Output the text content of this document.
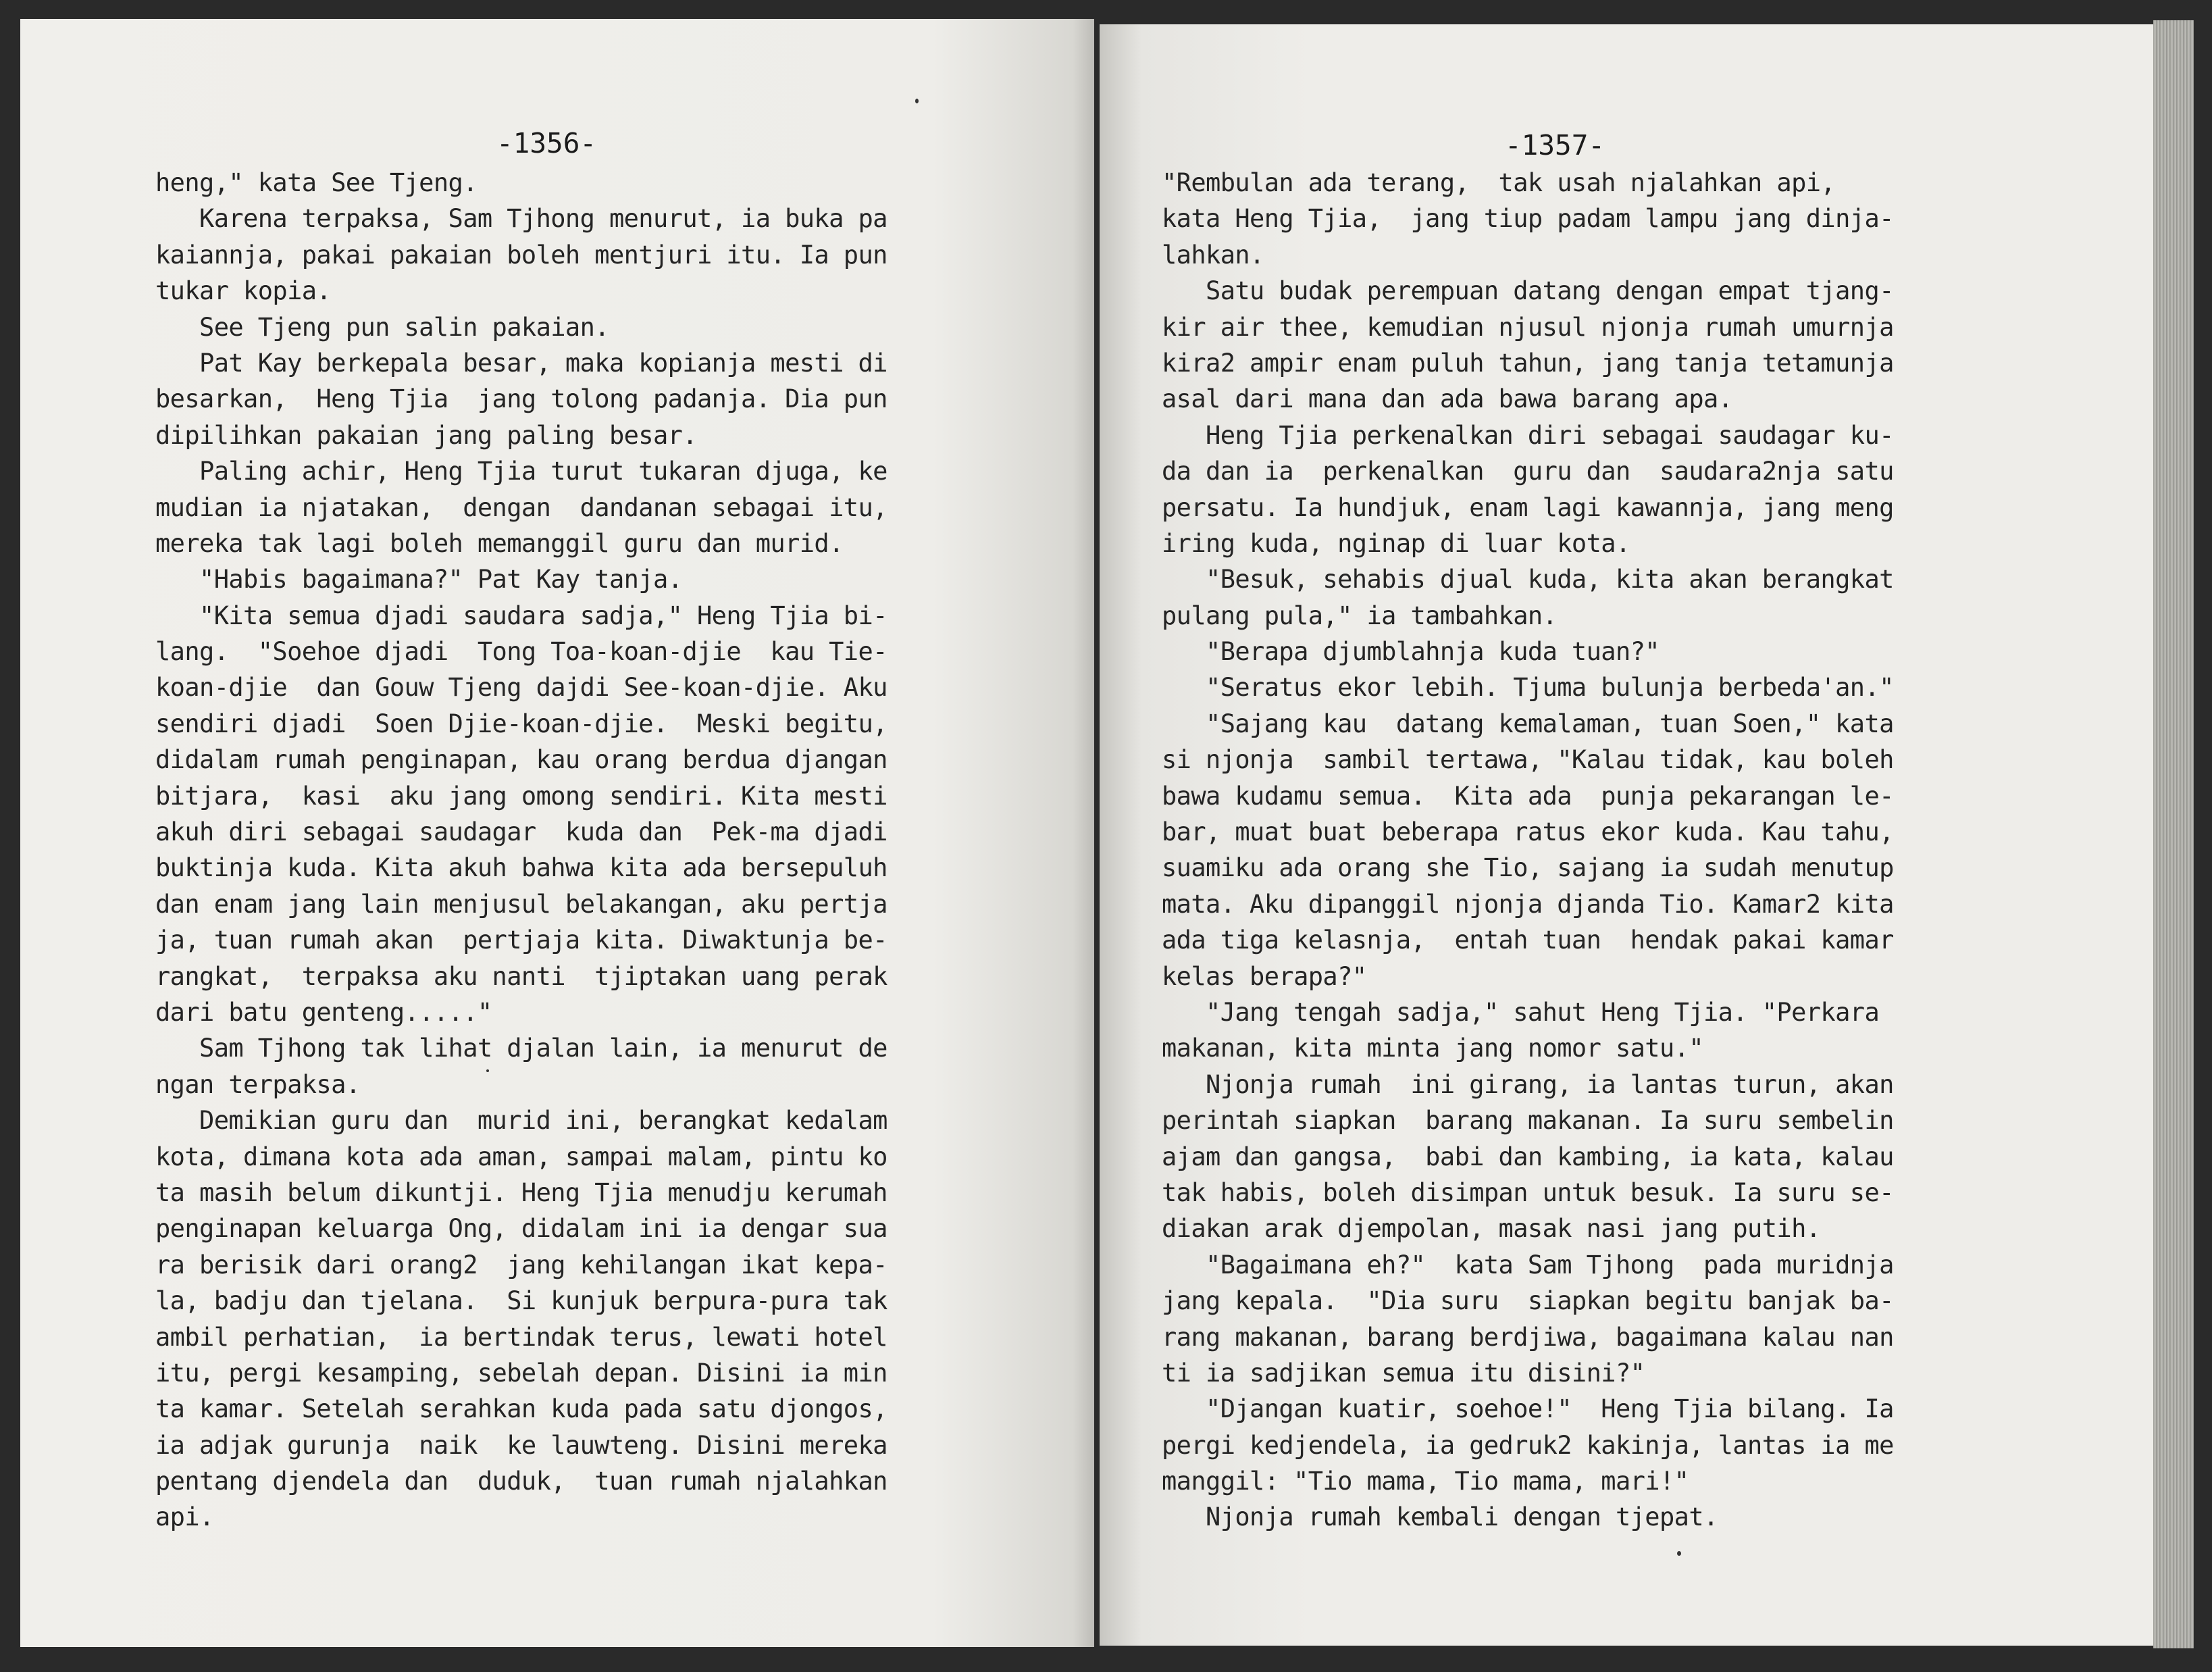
-1356-
heng," kata See Tjeng.
Karena terpaksa, Sam Tjhong menurut, ia buka pa
kaiannja, pakai pakaian boleh mentjuri itu. Ia pun
tukar kopia.
See Tjeng pun salin pakaian.
Pat Kay berkepala besar, maka kopianja mesti di
besarkan,  Heng Tjia  jang tolong padanja. Dia pun
dipilihkan pakaian jang paling besar.
Paling achir, Heng Tjia turut tukaran djuga, ke
mudian ia njatakan,  dengan  dandanan sebagai itu,
mereka tak lagi boleh memanggil guru dan murid.
"Habis bagaimana?" Pat Kay tanja.
"Kita semua djadi saudara sadja," Heng Tjia bi-
lang.  "Soehoe djadi  Tong Toa-koan-djie  kau Tie-
koan-djie  dan Gouw Tjeng dajdi See-koan-djie. Aku
sendiri djadi  Soen Djie-koan-djie.  Meski begitu,
didalam rumah penginapan, kau orang berdua djangan
bitjara,  kasi  aku jang omong sendiri. Kita mesti
akuh diri sebagai saudagar  kuda dan  Pek-ma djadi
buktinja kuda. Kita akuh bahwa kita ada bersepuluh
dan enam jang lain menjusul belakangan, aku pertja
ja, tuan rumah akan  pertjaja kita. Diwaktunja be-
rangkat,  terpaksa aku nanti  tjiptakan uang perak
dari batu genteng....."
Sam Tjhong tak lihat djalan lain, ia menurut de
ngan terpaksa.
Demikian guru dan  murid ini, berangkat kedalam
kota, dimana kota ada aman, sampai malam, pintu ko
ta masih belum dikuntji. Heng Tjia menudju kerumah
penginapan keluarga Ong, didalam ini ia dengar sua
ra berisik dari orang2  jang kehilangan ikat kepa-
la, badju dan tjelana.  Si kunjuk berpura-pura tak
ambil perhatian,  ia bertindak terus, lewati hotel
itu, pergi kesamping, sebelah depan. Disini ia min
ta kamar. Setelah serahkan kuda pada satu djongos,
ia adjak gurunja  naik  ke lauwteng. Disini mereka
pentang djendela dan  duduk,  tuan rumah njalahkan
api.
-1357-
"Rembulan ada terang,  tak usah njalahkan api,
kata Heng Tjia,  jang tiup padam lampu jang dinja-
lahkan.
Satu budak perempuan datang dengan empat tjang-
kir air thee, kemudian njusul njonja rumah umurnja
kira2 ampir enam puluh tahun, jang tanja tetamunja
asal dari mana dan ada bawa barang apa.
Heng Tjia perkenalkan diri sebagai saudagar ku-
da dan ia  perkenalkan  guru dan  saudara2nja satu
persatu. Ia hundjuk, enam lagi kawannja, jang meng
iring kuda, nginap di luar kota.
"Besuk, sehabis djual kuda, kita akan berangkat
pulang pula," ia tambahkan.
"Berapa djumblahnja kuda tuan?"
"Seratus ekor lebih. Tjuma bulunja berbeda'an."
"Sajang kau  datang kemalaman, tuan Soen," kata
si njonja  sambil tertawa, "Kalau tidak, kau boleh
bawa kudamu semua.  Kita ada  punja pekarangan le-
bar, muat buat beberapa ratus ekor kuda. Kau tahu,
suamiku ada orang she Tio, sajang ia sudah menutup
mata. Aku dipanggil njonja djanda Tio. Kamar2 kita
ada tiga kelasnja,  entah tuan  hendak pakai kamar
kelas berapa?"
"Jang tengah sadja," sahut Heng Tjia. "Perkara
makanan, kita minta jang nomor satu."
Njonja rumah  ini girang, ia lantas turun, akan
perintah siapkan  barang makanan. Ia suru sembelin
ajam dan gangsa,  babi dan kambing, ia kata, kalau
tak habis, boleh disimpan untuk besuk. Ia suru se-
diakan arak djempolan, masak nasi jang putih.
"Bagaimana eh?"  kata Sam Tjhong  pada muridnja
jang kepala.  "Dia suru  siapkan begitu banjak ba-
rang makanan, barang berdjiwa, bagaimana kalau nan
ti ia sadjikan semua itu disini?"
"Djangan kuatir, soehoe!"  Heng Tjia bilang. Ia
pergi kedjendela, ia gedruk2 kakinja, lantas ia me
manggil: "Tio mama, Tio mama, mari!"
Njonja rumah kembali dengan tjepat.
